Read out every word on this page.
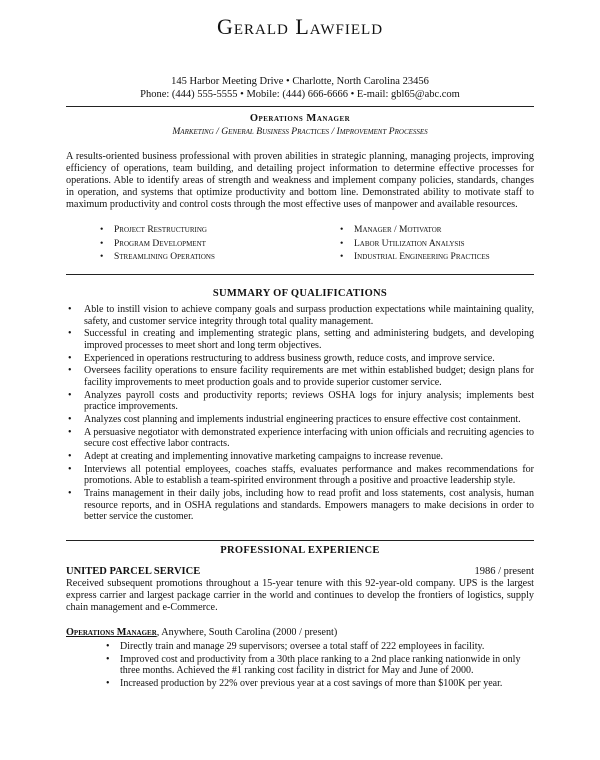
Gerald Lawfield
145 Harbor Meeting Drive • Charlotte, North Carolina 23456
Phone: (444) 555-5555 • Mobile: (444) 666-6666 • E-mail: gbl65@abc.com
Operations Manager
Marketing / General Business Practices / Improvement Processes
A results-oriented business professional with proven abilities in strategic planning, managing projects, improving efficiency of operations, team building, and detailing project information to determine effective processes for operations. Able to identify areas of strength and weakness and implement company policies, standards, changes in operation, and systems that optimize productivity and bottom line. Demonstrated ability to motivate staff to maximum productivity and control costs through the most effective uses of manpower and available resources.
• Project Restructuring
• Program Development
• Streamlining Operations
• Manager / Motivator
• Labor Utilization Analysis
• Industrial Engineering Practices
SUMMARY OF QUALIFICATIONS
• Able to instill vision to achieve company goals and surpass production expectations while maintaining quality, safety, and customer service integrity through total quality management.
• Successful in creating and implementing strategic plans, setting and administering budgets, and developing improved processes to meet short and long term objectives.
• Experienced in operations restructuring to address business growth, reduce costs, and improve service.
• Oversees facility operations to ensure facility requirements are met within established budget; design plans for facility improvements to meet production goals and to provide superior customer service.
• Analyzes payroll costs and productivity reports; reviews OSHA logs for injury analysis; implements best practice improvements.
• Analyzes cost planning and implements industrial engineering practices to ensure effective cost containment.
• A persuasive negotiator with demonstrated experience interfacing with union officials and recruiting agencies to secure cost effective labor contracts.
• Adept at creating and implementing innovative marketing campaigns to increase revenue.
• Interviews all potential employees, coaches staffs, evaluates performance and makes recommendations for promotions. Able to establish a team-spirited environment through a positive and proactive leadership style.
• Trains management in their daily jobs, including how to read profit and loss statements, cost analysis, human resource reports, and in OSHA regulations and standards. Empowers managers to make decisions in order to better service the customer.
PROFESSIONAL EXPERIENCE
UNITED PARCEL SERVICE	1986 / present
Received subsequent promotions throughout a 15-year tenure with this 92-year-old company. UPS is the largest express carrier and largest package carrier in the world and continues to develop the frontiers of logistics, supply chain management and e-Commerce.
Operations Manager, Anywhere, South Carolina (2000 / present)
• Directly train and manage 29 supervisors; oversee a total staff of 222 employees in facility.
• Improved cost and productivity from a 30th place ranking to a 2nd place ranking nationwide in only three months. Achieved the #1 ranking cost facility in district for May and June of 2000.
• Increased production by 22% over previous year at a cost savings of more than $100K per year.
